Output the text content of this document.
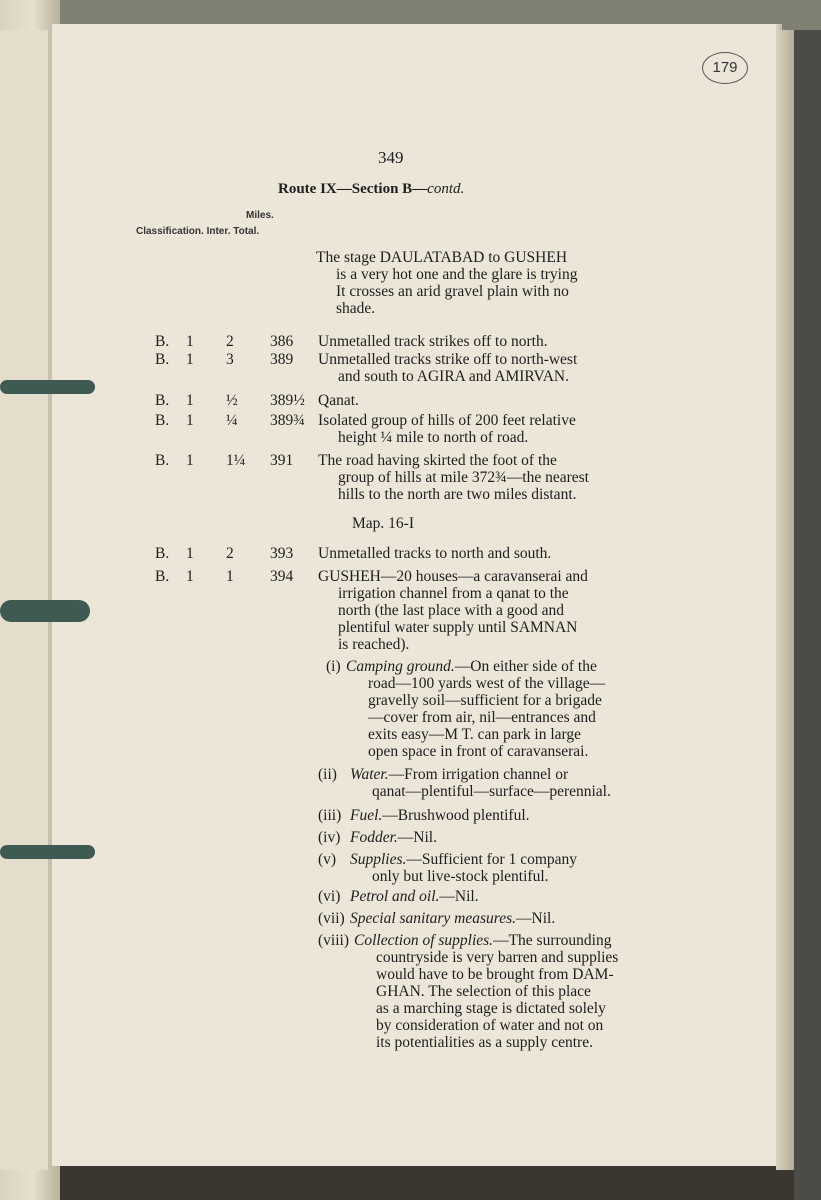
179
349
Route IX—Section B—contd.
Miles.
Classification. Inter. Total.
The stage DAULATABAD to GUSHEH
is a very hot one and the glare is trying
It crosses an arid gravel plain with no
shade.
B. 1 2 386 Unmetalled track strikes off to north.
B. 1 3 389 Unmetalled tracks strike off to north-west
and south to AGIRA and AMIRVAN.
B. 1 ½ 389½ Qanat.
B. 1 ¼ 389¾ Isolated group of hills of 200 feet relative
height ¼ mile to north of road.
B. 1 1¼ 391 The road having skirted the foot of the
group of hills at mile 372¾—the nearest
hills to the north are two miles distant.
Map. 16-I
B. 1 2 393 Unmetalled tracks to north and south.
B. 1 1 394 GUSHEH—20 houses—a caravanserai and
irrigation channel from a qanat to the
north (the last place with a good and
plentiful water supply until SAMNAN
is reached).
(i) Camping ground.—On either side of the
road—100 yards west of the village—
gravelly soil—sufficient for a brigade
—cover from air, nil—entrances and
exits easy—M T. can park in large
open space in front of caravanserai.
(ii) Water.—From irrigation channel or
qanat—plentiful—surface—perennial.
(iii) Fuel.—Brushwood plentiful.
(iv) Fodder.—Nil.
(v) Supplies.—Sufficient for 1 company
only but live-stock plentiful.
(vi) Petrol and oil.—Nil.
(vii) Special sanitary measures.—Nil.
(viii) Collection of supplies.—The surrounding
countryside is very barren and supplies
would have to be brought from DAM-
GHAN. The selection of this place
as a marching stage is dictated solely
by consideration of water and not on
its potentialities as a supply centre.
